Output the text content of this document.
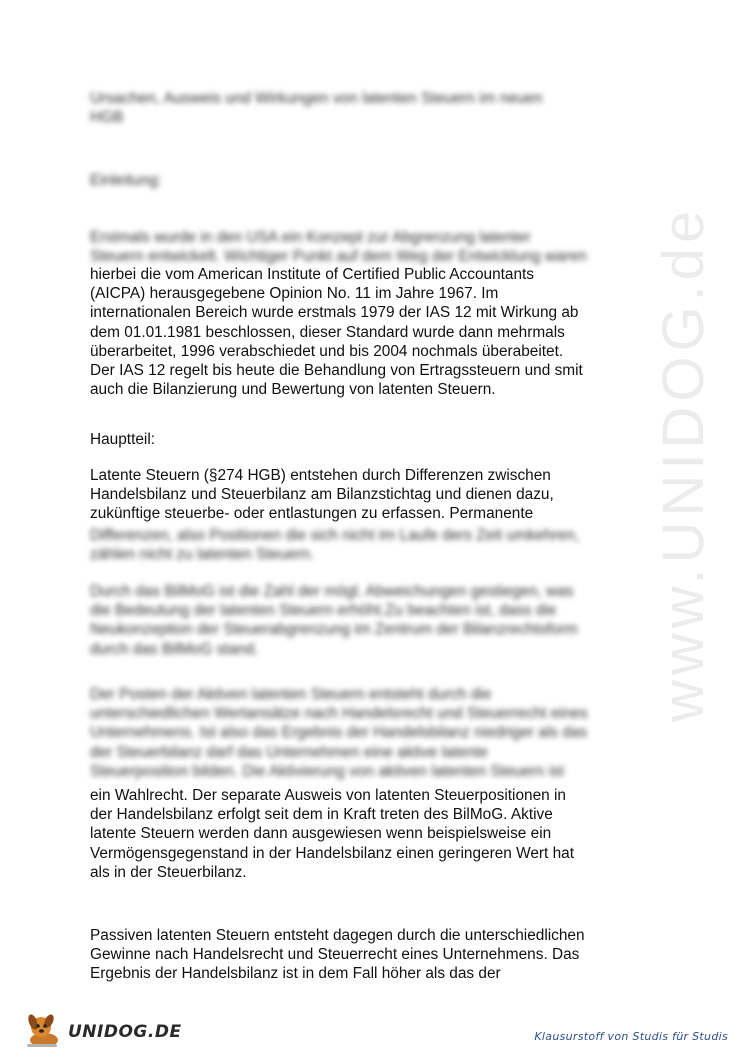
Ursachen, Ausweis und Wirkungen von latenten Steuern im neuen
HGB

Einleitung:

Erstmals wurde in den USA ein Konzept zur Abgrenzung latenter
Steuern entwickelt. Wichtiger Punkt auf dem Weg der Entwicklung waren

hierbei die vom American Institute of Certified Public Accountants
(AICPA) herausgegebene Opinion No. 11 im Jahre 1967. Im
internationalen Bereich wurde erstmals 1979 der IAS 12 mit Wirkung ab
dem 01.01.1981 beschlossen, dieser Standard wurde dann mehrmals
überarbeitet, 1996 verabschiedet und bis 2004 nochmals überabeitet.
Der IAS 12 regelt bis heute die Behandlung von Ertragssteuern und smit
auch die Bilanzierung und Bewertung von latenten Steuern.

Hauptteil:

Latente Steuern (§274 HGB) entstehen durch Differenzen zwischen
Handelsbilanz und Steuerbilanz am Bilanzstichtag und dienen dazu,
zukünftige steuerbe- oder entlastungen zu erfassen. Permanente

Differenzen, also Positionen die sich nicht im Laufe ders Zeit umkehren,
zählen nicht zu latenten Steuern.

Durch das BilMoG ist die Zahl der mögl. Abweichungen gestiegen, was
die Bedeutung der latenten Steuern erhöht.Zu beachten ist, dass die
Neukonzeption der Steuerabgrenzung im Zentrum der Bilanzrechtsform
durch das BilMoG stand.

Der Posten der Aktiven latenten Steuern entsteht durch die
unterschiedlichen Wertansätze nach Handelsrecht und Steuerrecht eines
Unternehmens. Ist also das Ergebnis der Handelsbilanz niedriger als das
der Steuerbilanz darf das Unternehmen eine aktive latente
Steuerposition bilden. Die Aktivierung von aktiven latenten Steuern ist

ein Wahlrecht. Der separate Ausweis von latenten Steuerpositionen in
der Handelsbilanz erfolgt seit dem in Kraft treten des BilMoG. Aktive
latente Steuern werden dann ausgewiesen wenn beispielsweise ein
Vermögensgegenstand in der Handelsbilanz einen geringeren Wert hat
als in der Steuerbilanz.

Passiven latenten Steuern entsteht dagegen durch die unterschiedlichen
Gewinne nach Handelsrecht und Steuerrecht eines Unternehmens. Das
Ergebnis der Handelsbilanz ist in dem Fall höher als das der

www.UNIDOG.de
UNIDOG.DE	Klausurstoff von Studis für Studis
